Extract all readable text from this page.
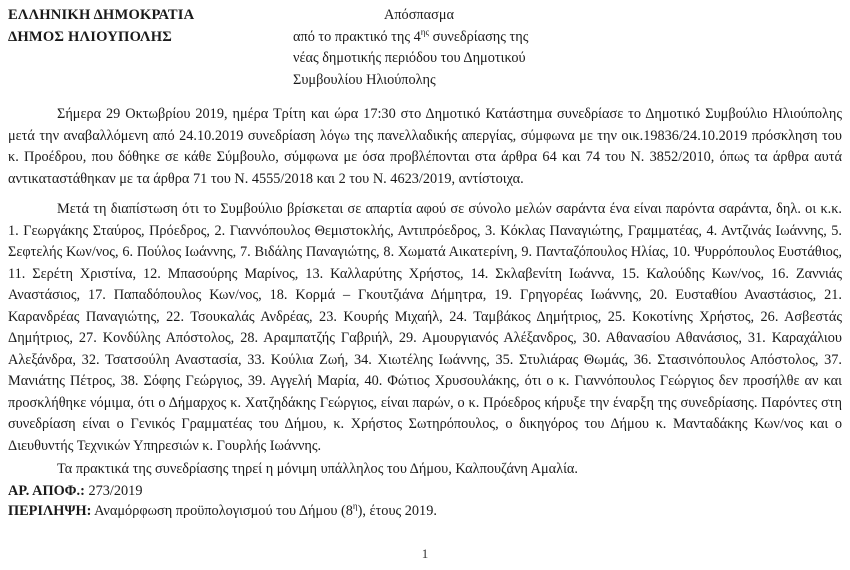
ΕΛΛΗΝΙΚΗ ΔΗΜΟΚΡΑΤΙΑ
ΔΗΜΟΣ ΗΛΙΟΥΠΟΛΗΣ
Απόσπασμα
από το πρακτικό της $4^{\eta\varsigma}$ συνεδρίασης της
νέας δημοτικής περιόδου του Δημοτικού
Συμβουλίου Ηλιούπολης

Σήμερα 29 Οκτωβρίου 2019, ημέρα Τρίτη και ώρα 17:30 στο Δημοτικό Κατάστημα συνεδρίασε το Δημοτικό Συμβούλιο Ηλιούπολης μετά την αναβαλλόμενη από 24.10.2019 συνεδρίαση λόγω της πανελλαδικής απεργίας, σύμφωνα με την οικ.19836/24.10.2019 πρόσκληση του κ. Προέδρου, που δόθηκε σε κάθε Σύμβουλο, σύμφωνα με όσα προβλέπονται στα άρθρα 64 και 74 του Ν. 3852/2010, όπως τα άρθρα αυτά αντικαταστάθηκαν με τα άρθρα 71 του Ν. 4555/2018 και 2 του Ν. 4623/2019, αντίστοιχα.

Μετά τη διαπίστωση ότι το Συμβούλιο βρίσκεται σε απαρτία αφού σε σύνολο μελών σαράντα ένα είναι παρόντα σαράντα, δηλ. οι κ.κ. 1. Γεωργάκης Σταύρος, Πρόεδρος, 2. Γιαννόπουλος Θεμιστοκλής, Αντιπρόεδρος, 3. Κόκλας Παναγιώτης, Γραμματέας, 4. Αντζινάς Ιωάννης, 5. Σεφτελής Κων/νος, 6. Πούλος Ιωάννης, 7. Βιδάλης Παναγιώτης, 8. Χωματά Αικατερίνη, 9. Πανταζόπουλος Ηλίας, 10. Ψυρρόπουλος Ευστάθιος, 11. Σερέτη Χριστίνα, 12. Μπασούρης Μαρίνος, 13. Καλλαρύτης Χρήστος, 14. Σκλαβενίτη Ιωάννα, 15. Καλούδης Κων/νος, 16. Ζαννιάς Αναστάσιος, 17. Παπαδόπουλος Κων/νος, 18. Κορμά – Γκουτζιάνα Δήμητρα, 19. Γρηγορέας Ιωάννης, 20. Ευσταθίου Αναστάσιος, 21. Καρανδρέας Παναγιώτης, 22. Τσουκαλάς Ανδρέας, 23. Κουρής Μιχαήλ, 24. Ταμβάκος Δημήτριος, 25. Κοκοτίνης Χρήστος, 26. Ασβεστάς Δημήτριος, 27. Κονδύλης Απόστολος, 28. Αραμπατζής Γαβριήλ, 29. Αμουργιανός Αλέξανδρος, 30. Αθανασίου Αθανάσιος, 31. Καραχάλιου Αλεξάνδρα, 32. Τσατσούλη Αναστασία, 33. Κούλια Ζωή, 34. Χιωτέλης Ιωάννης, 35. Στυλιάρας Θωμάς, 36. Στασινόπουλος Απόστολος, 37. Μανιάτης Πέτρος, 38. Σόφης Γεώργιος, 39. Αγγελή Μαρία, 40. Φώτιος Χρυσουλάκης, ότι ο κ. Γιαννόπουλος Γεώργιος δεν προσήλθε αν και προσκλήθηκε νόμιμα, ότι ο Δήμαρχος κ. Χατζηδάκης Γεώργιος, είναι παρών, ο κ. Πρόεδρος κήρυξε την έναρξη της συνεδρίασης. Παρόντες στη συνεδρίαση είναι ο Γενικός Γραμματέας του Δήμου, κ. Χρήστος Σωτηρόπουλος, ο δικηγόρος του Δήμου κ. Μανταδάκης Κων/νος και ο Διευθυντής Τεχνικών Υπηρεσιών κ. Γουρλής Ιωάννης.

Τα πρακτικά της συνεδρίασης τηρεί η μόνιμη υπάλληλος του Δήμου, Καλπουζάνη Αμαλία.

ΑΡ. ΑΠΟΦ.: 273/2019

ΠΕΡΙΛΗΨΗ: Αναμόρφωση προϋπολογισμού του Δήμου $(8^\eta)$, έτους 2019.

1
